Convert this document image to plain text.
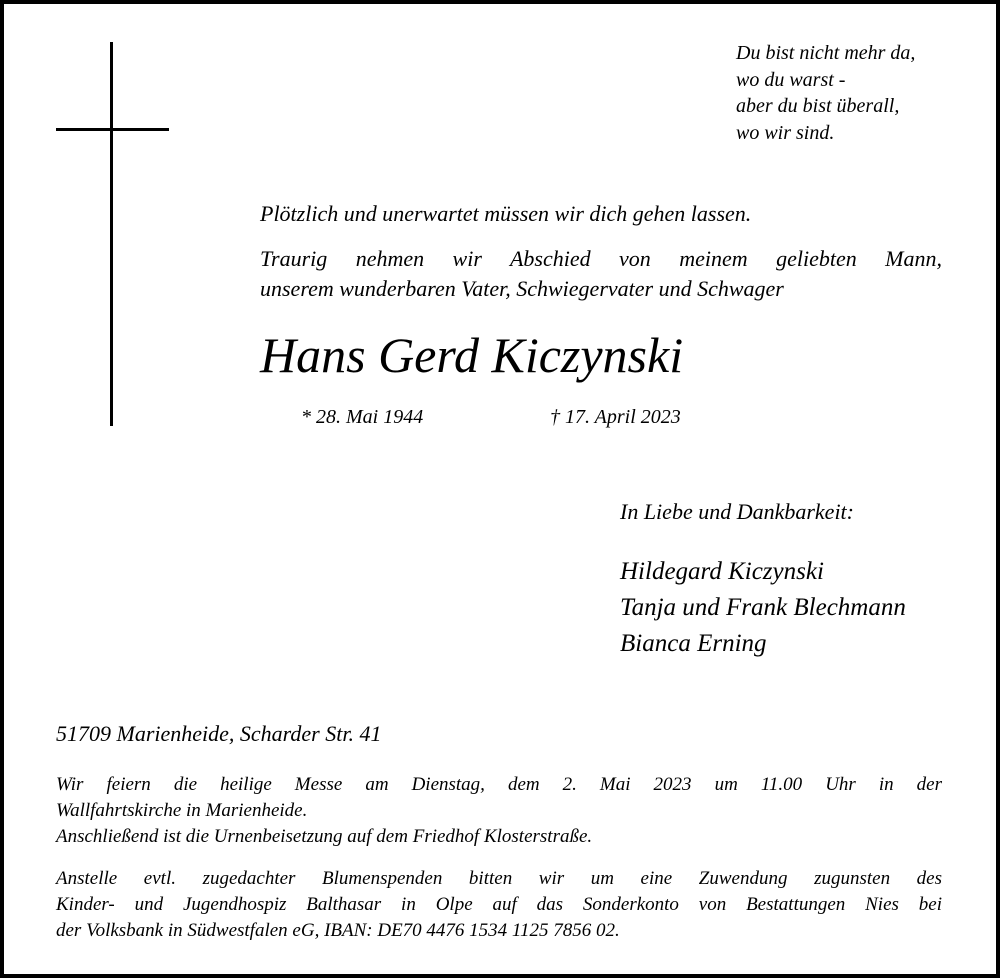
Du bist nicht mehr da,
wo du warst -
aber du bist überall,
wo wir sind.
Plötzlich und unerwartet müssen wir dich gehen lassen.
Traurig nehmen wir Abschied von meinem geliebten Mann,
unserem wunderbaren Vater, Schwiegervater und Schwager
Hans Gerd Kiczynski
* 28. Mai 1944	† 17. April 2023
In Liebe und Dankbarkeit:
Hildegard Kiczynski
Tanja und Frank Blechmann
Bianca Erning
51709 Marienheide, Scharder Str. 41
Wir feiern die heilige Messe am Dienstag, dem 2. Mai 2023 um 11.00 Uhr in der
Wallfahrtskirche in Marienheide.
Anschließend ist die Urnenbeisetzung auf dem Friedhof Klosterstraße.
Anstelle evtl. zugedachter Blumenspenden bitten wir um eine Zuwendung zugunsten des
Kinder- und Jugendhospiz Balthasar in Olpe auf das Sonderkonto von Bestattungen Nies bei
der Volksbank in Südwestfalen eG, IBAN: DE70 4476 1534 1125 7856 02.
